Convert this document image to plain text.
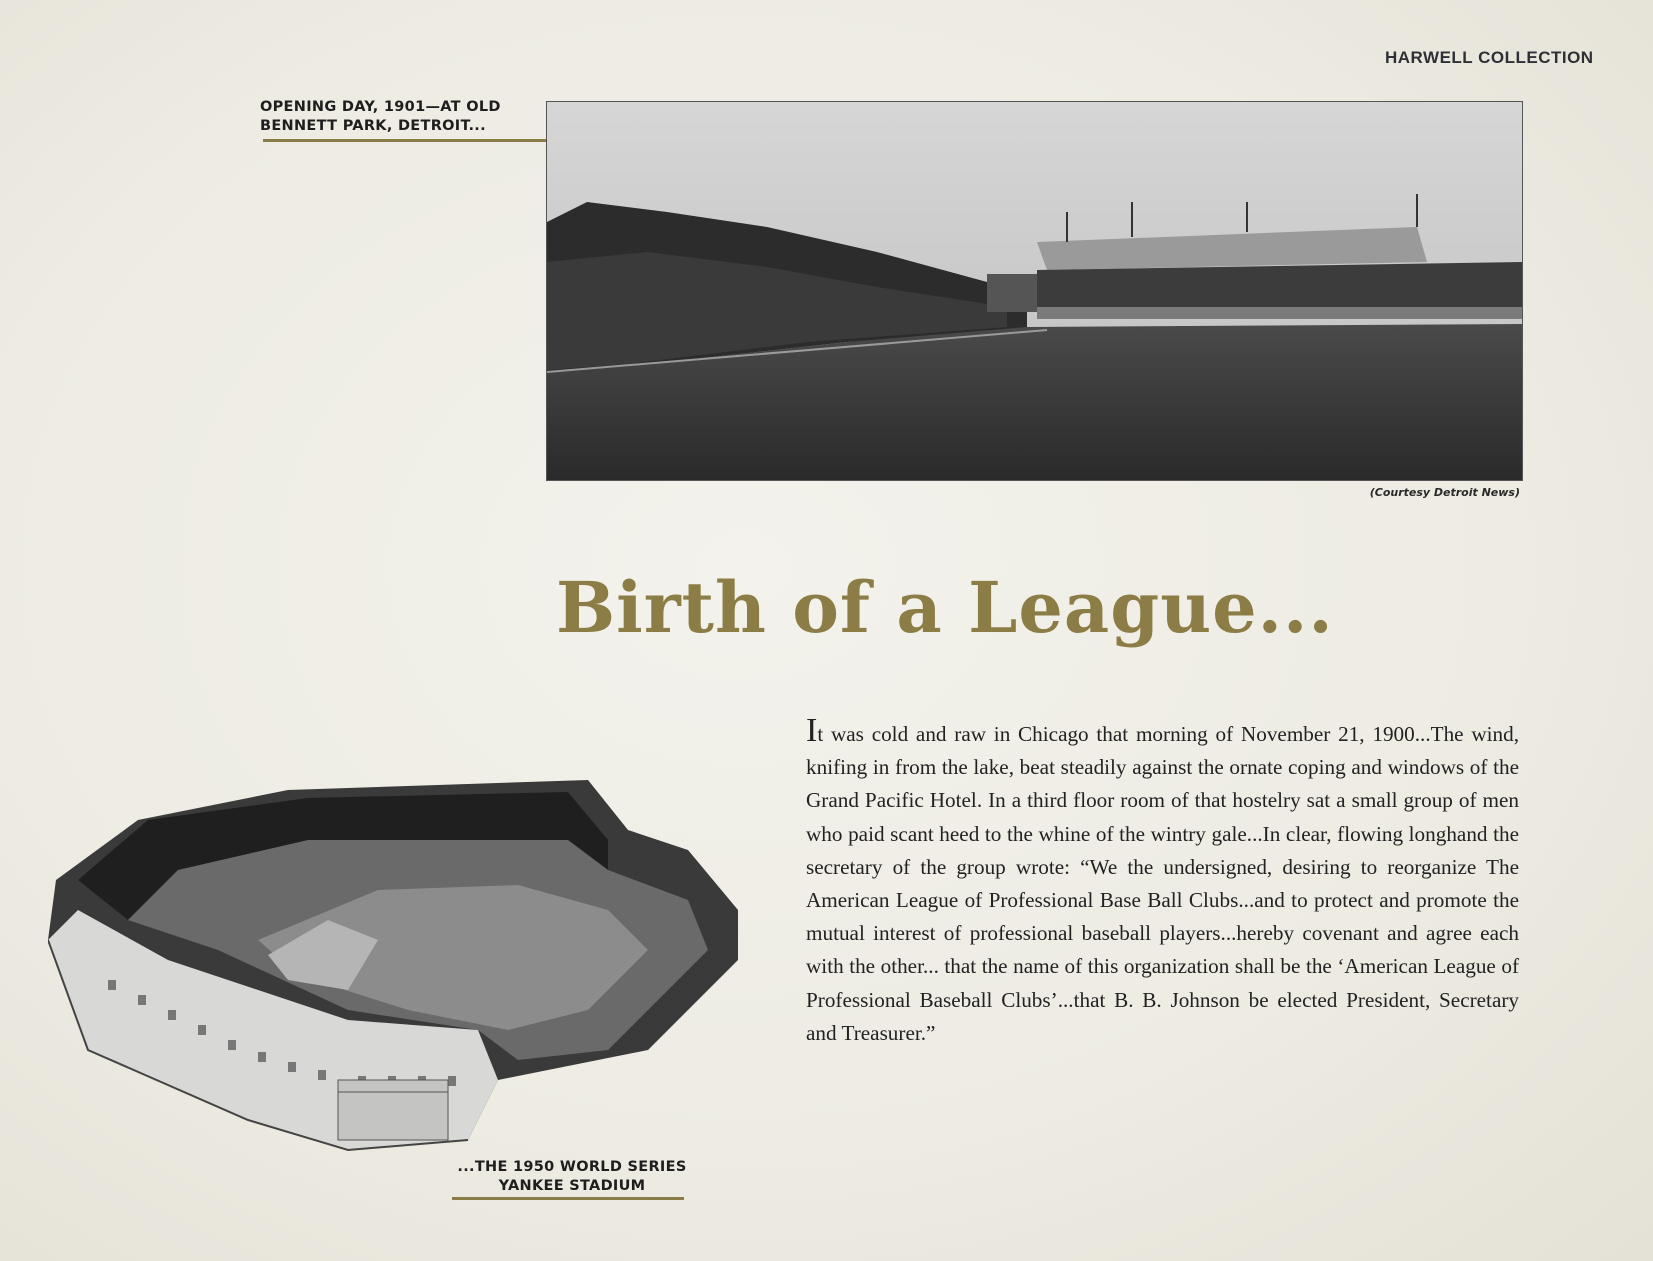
HARWELL COLLECTION
OPENING DAY, 1901—AT OLD
BENNETT PARK, DETROIT...
(Courtesy Detroit News)
Birth of a League...
It was cold and raw in Chicago that morning of November 21, 1900...The wind, knifing in from the lake, beat steadily against the ornate coping and windows of the Grand Pacific Hotel. In a third floor room of that hostelry sat a small group of men who paid scant heed to the whine of the wintry gale...In clear, flowing longhand the secretary of the group wrote: “We the undersigned, desiring to reorganize The American League of Professional Base Ball Clubs...and to protect and promote the mutual interest of professional baseball players...hereby covenant and agree each with the other... that the name of this organization shall be the ‘American League of Professional Baseball Clubs’...that B. B. Johnson be elected President, Secretary and Treasurer.”
...THE 1950 WORLD SERIES
YANKEE STADIUM
